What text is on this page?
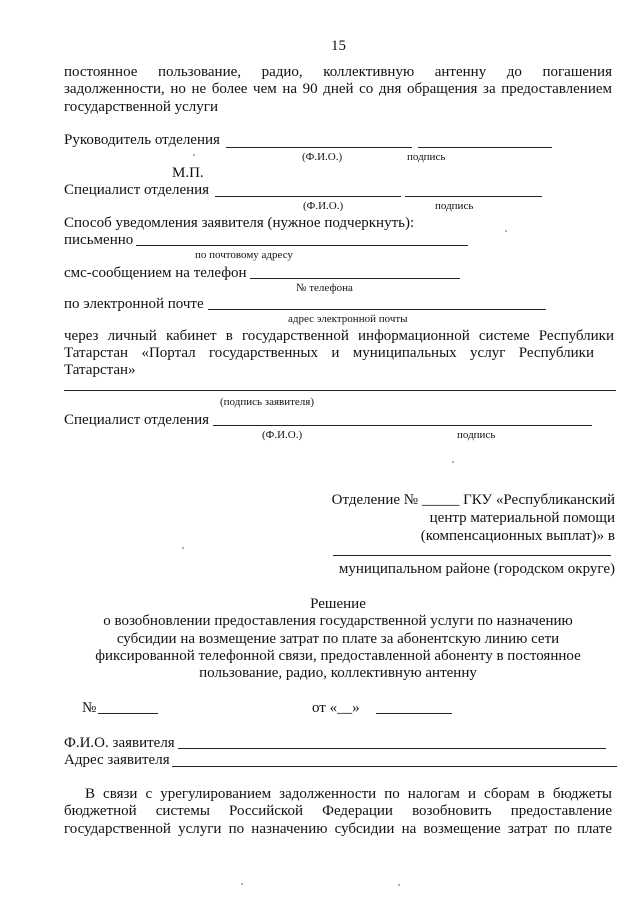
15
постоянное пользование, радио, коллективную антенну до погашения
задолженности, но не более чем на 90 дней со дня обращения за предоставлением
государственной услуги
Руководитель отделения
(Ф.И.О.)	подпись
М.П.
Специалист отделения
(Ф.И.О.)	подпись
Способ уведомления заявителя (нужное подчеркнуть):
письменно
по почтовому адресу
смс-сообщением на телефон
№ телефона
по электронной почте
адрес электронной почты
через личный кабинет в государственной информационной системе Республики
Татарстан «Портал государственных и муниципальных услуг Республики
Татарстан»
(подпись заявителя)
Специалист отделения
(Ф.И.О.)	подпись
Отделение № _____ ГКУ «Республиканский
центр материальной помощи
(компенсационных выплат)» в
муниципальном районе (городском округе)
Решение
о возобновлении предоставления государственной услуги по назначению
субсидии на возмещение затрат по плате за абонентскую линию сети
фиксированной телефонной связи, предоставленной абоненту в постоянное
пользование, радио, коллективную антенну
№	от «__»
Ф.И.О. заявителя
Адрес заявителя
В связи с урегулированием задолженности по налогам и сборам в бюджеты
бюджетной системы Российской Федерации возобновить предоставление
государственной услуги по назначению субсидии на возмещение затрат по плате
